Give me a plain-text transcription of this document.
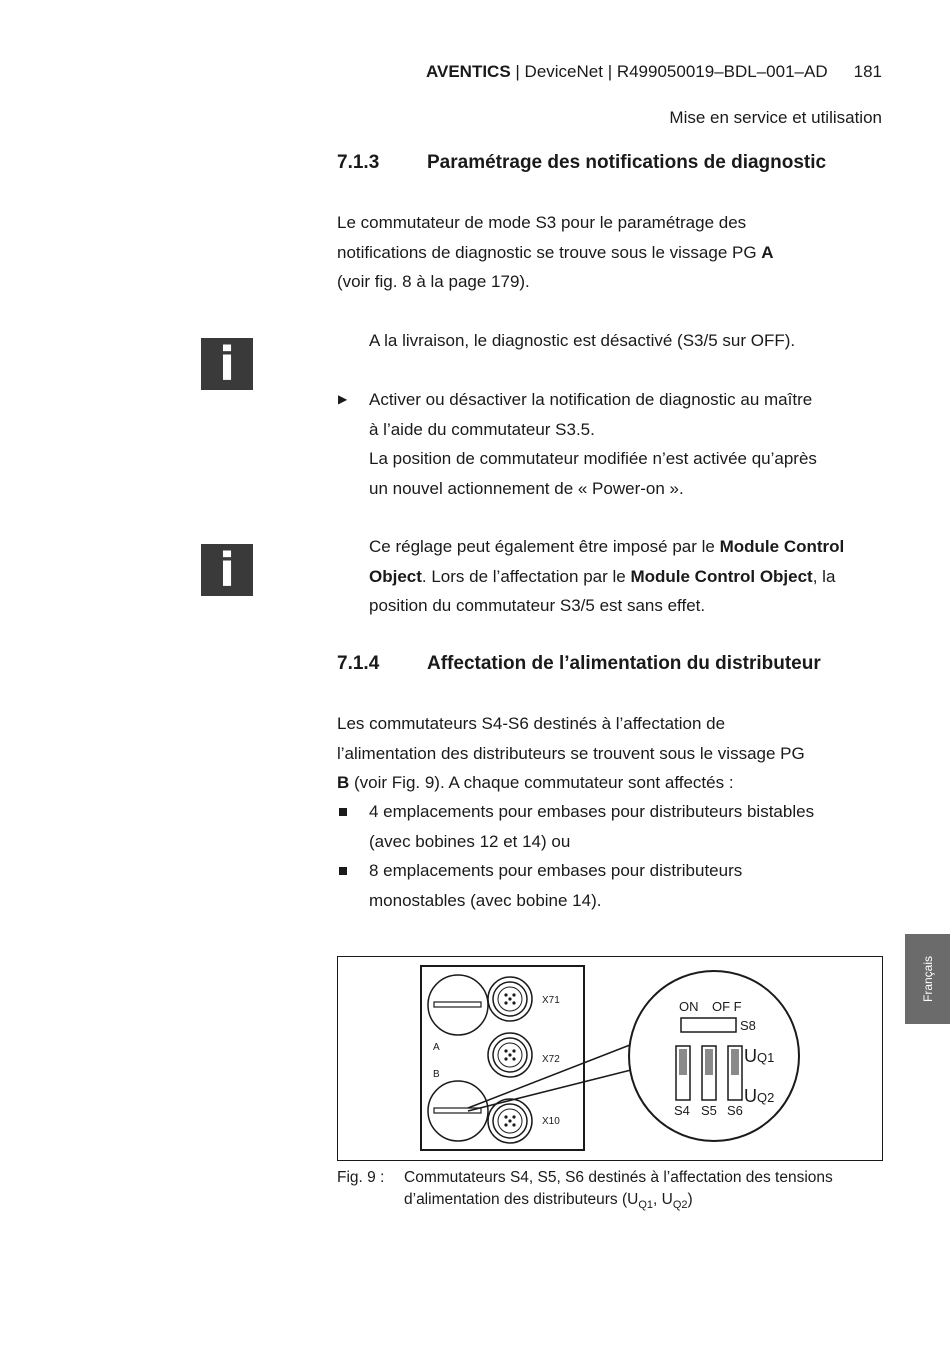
AVENTICS | DeviceNet | R499050019–BDL–001–AD 181
Mise en service et utilisation
7.1.3	Paramétrage des notifications de diagnostic
Le commutateur de mode S3 pour le paramétrage des
notifications de diagnostic se trouve sous le vissage PG A
(voir fig. 8 à la page 179).
i	A la livraison, le diagnostic est désactivé (S3/5 sur OFF).
▶ Activer ou désactiver la notification de diagnostic au maître
à l’aide du commutateur S3.5.
La position de commutateur modifiée n’est activée qu’après
un nouvel actionnement de « Power-on ».
i	Ce réglage peut également être imposé par le Module Control
Object. Lors de l’affectation par le Module Control Object, la
position du commutateur S3/5 est sans effet.
7.1.4	Affectation de l’alimentation du distributeur
Les commutateurs S4-S6 destinés à l’affectation de
l’alimentation des distributeurs se trouvent sous le vissage PG
B (voir Fig. 9). A chaque commutateur sont affectés :
4 emplacements pour embases pour distributeurs bistables
(avec bobines 12 et 14) ou
8 emplacements pour embases pour distributeurs
monostables (avec bobine 14).
A
B
X71
X72
X10
ON OF F
S8
UQ1
UQ2
S4 S5 S6
Fig. 9 : Commutateurs S4, S5, S6 destinés à l’affectation des tensions
d’alimentation des distributeurs ($U_{Q1}$, $U_{Q2}$)
Français
